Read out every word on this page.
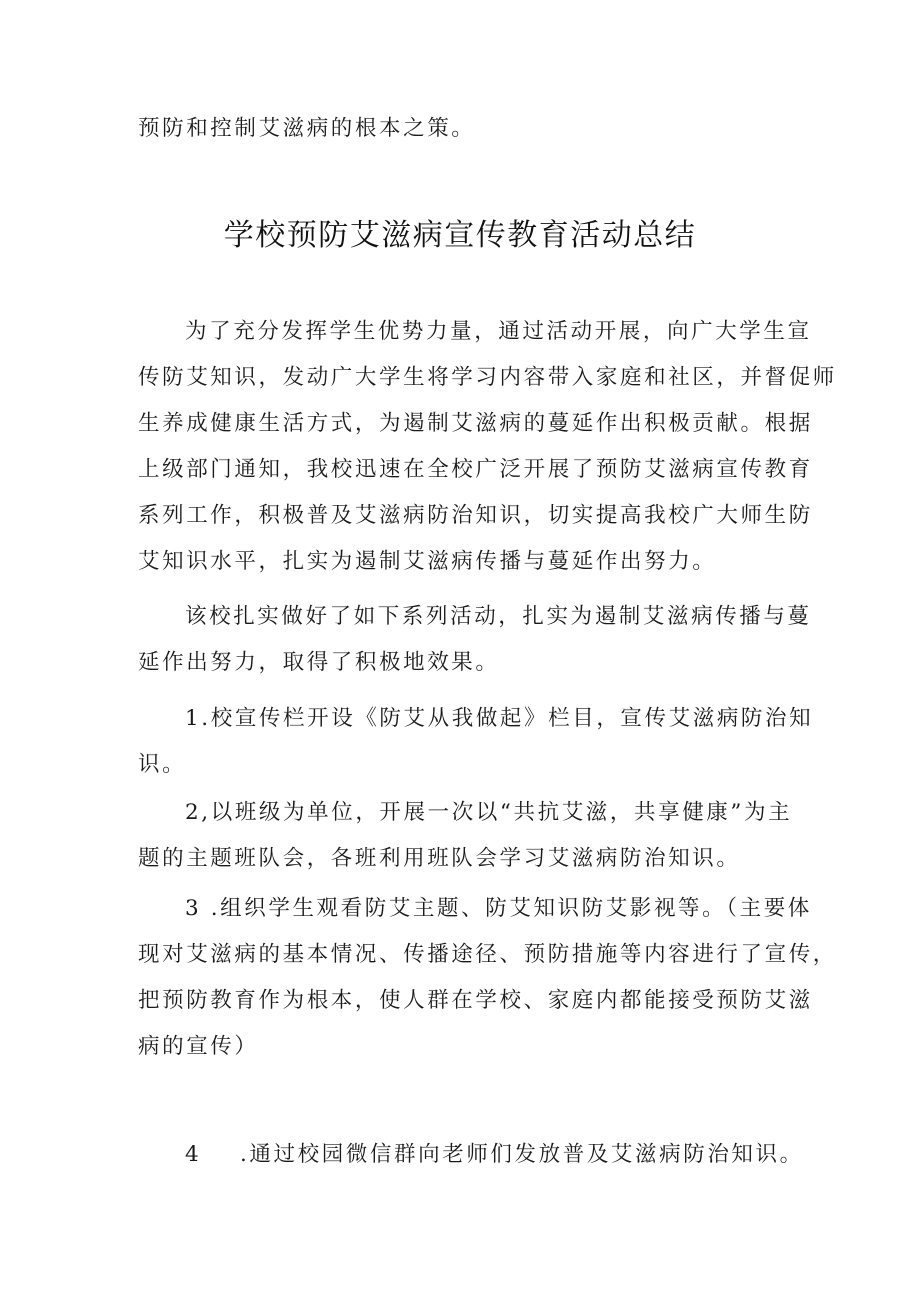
预防和控制艾滋病的根本之策。
学校预防艾滋病宣传教育活动总结
为了充分发挥学生优势力量，通过活动开展，向广大学生宣
传防艾知识，发动广大学生将学习内容带入家庭和社区，并督促师
生养成健康生活方式，为遏制艾滋病的蔓延作出积极贡献。根据
上级部门通知，我校迅速在全校广泛开展了预防艾滋病宣传教育
系列工作，积极普及艾滋病防治知识，切实提高我校广大师生防
艾知识水平，扎实为遏制艾滋病传播与蔓延作出努力。
该校扎实做好了如下系列活动，扎实为遏制艾滋病传播与蔓
延作出努力，取得了积极地效果。
1.校宣传栏开设《防艾从我做起》栏目，宣传艾滋病防治知
识。
2,以班级为单位，开展一次以“共抗艾滋，共享健康”为主
题的主题班队会，各班利用班队会学习艾滋病防治知识。
3 .组织学生观看防艾主题、防艾知识防艾影视等。（主要体
现对艾滋病的基本情况、传播途径、预防措施等内容进行了宣传，
把预防教育作为根本，使人群在学校、家庭内都能接受预防艾滋
病的宣传）
4 .通过校园微信群向老师们发放普及艾滋病防治知识。
